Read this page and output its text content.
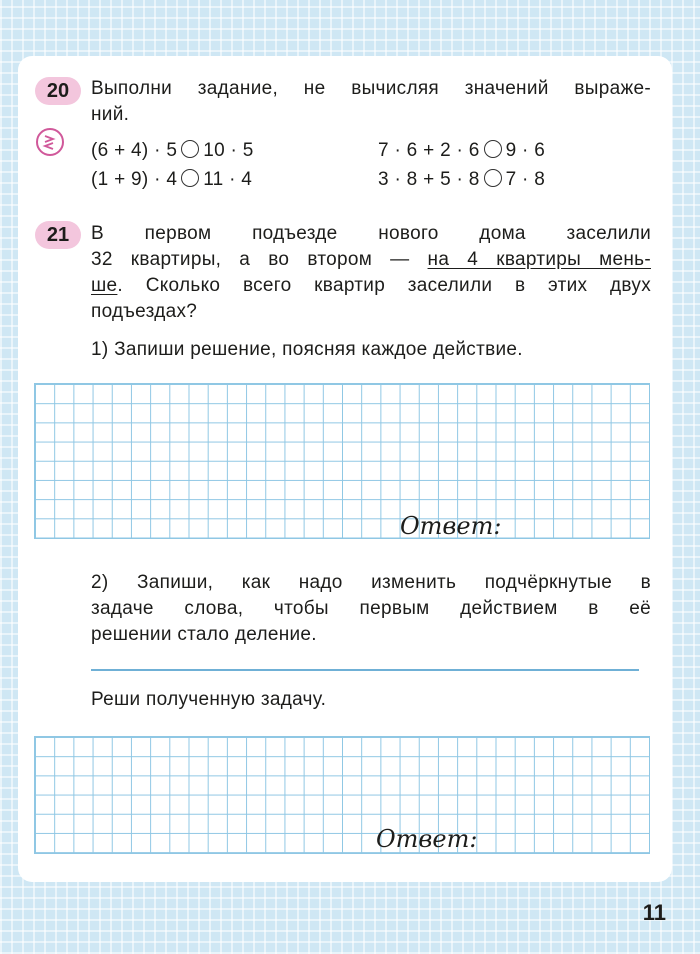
20 Выполни задание, не вычисляя значений выраже-
ний.
(6 + 4) · 5 10 · 5
(1 + 9) · 4 11 · 4
7 · 6 + 2 · 6 9 · 6
3 · 8 + 5 · 8 7 · 8
21 В первом подъезде нового дома заселили
32 квартиры, а во втором — на 4 квартиры мень-
ше. Сколько всего квартир заселили в этих двух
подъездах?
1) Запиши решение, поясняя каждое действие.
Ответ:
2) Запиши, как надо изменить подчёркнутые в
задаче слова, чтобы первым действием в её
решении стало деление.
Реши полученную задачу.
Ответ:
11
